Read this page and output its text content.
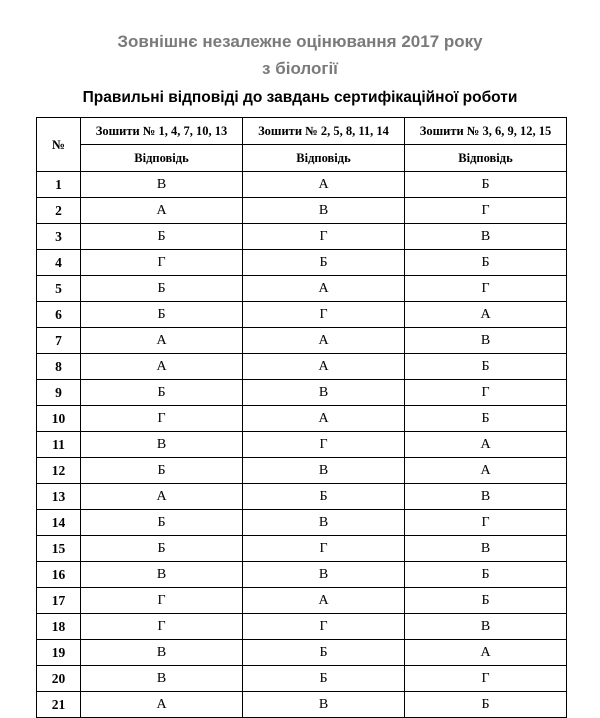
Зовнішнє незалежне оцінювання 2017 року
з біології
Правильні відповіді до завдань сертифікаційної роботи
№	Зошити № 1, 4, 7, 10, 13	Зошити № 2, 5, 8, 11, 14	Зошити № 3, 6, 9, 12, 15
	Відповідь	Відповідь	Відповідь
1	В	А	Б
2	А	В	Г
3	Б	Г	В
4	Г	Б	Б
5	Б	А	Г
6	Б	Г	А
7	А	А	В
8	А	А	Б
9	Б	В	Г
10	Г	А	Б
11	В	Г	А
12	Б	В	А
13	А	Б	В
14	Б	В	Г
15	Б	Г	В
16	В	В	Б
17	Г	А	Б
18	Г	Г	В
19	В	Б	А
20	В	Б	Г
21	А	В	Б
